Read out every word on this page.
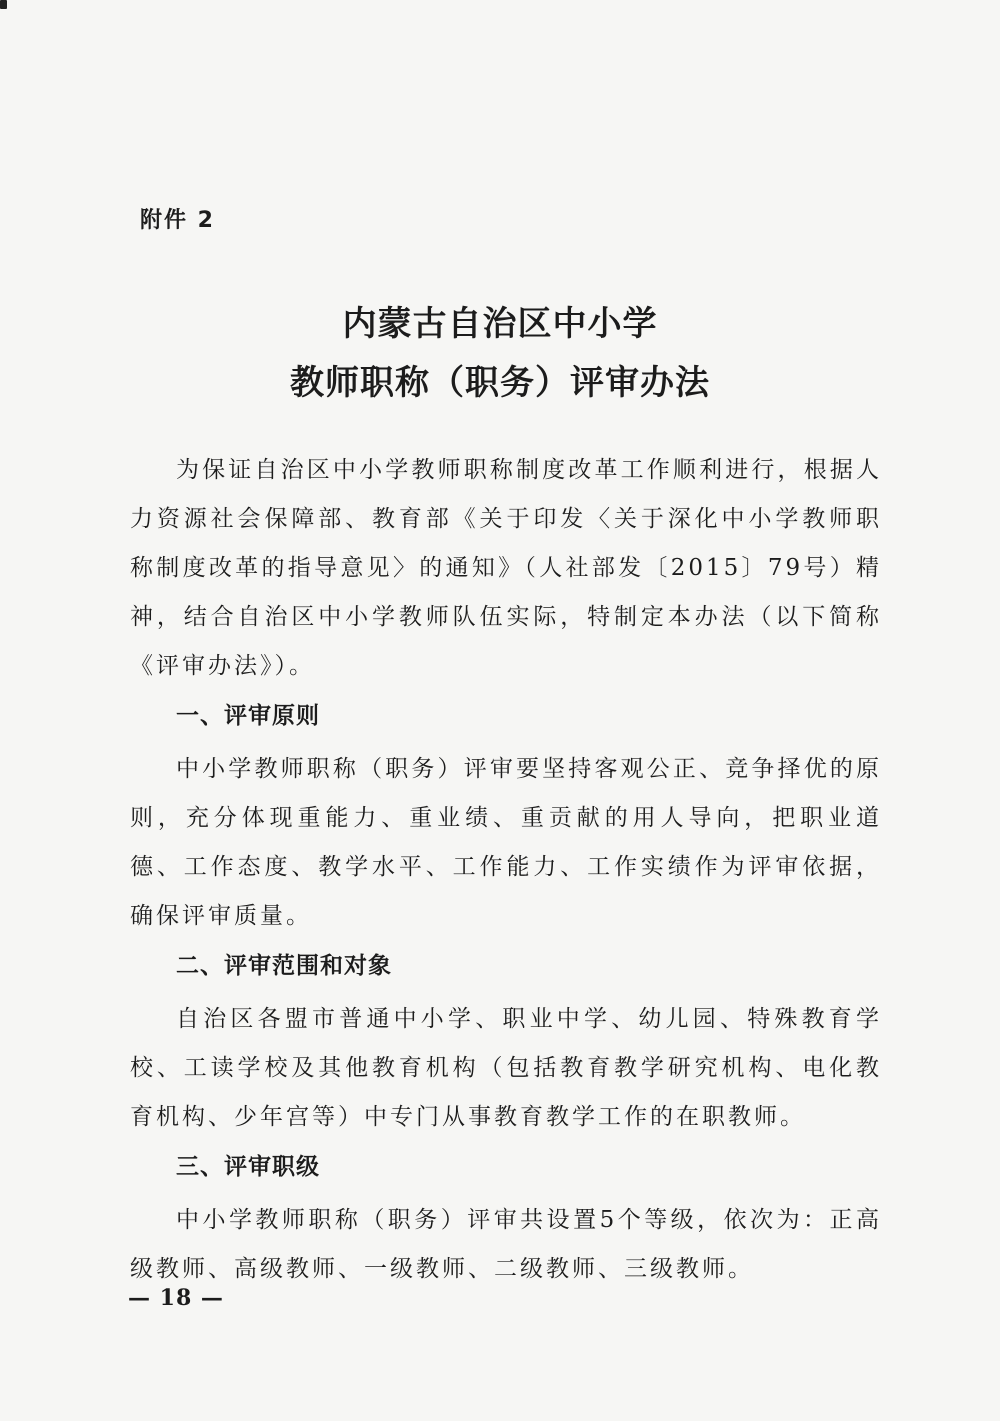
附件 2
内蒙古自治区中小学
教师职称（职务）评审办法

为保证自治区中小学教师职称制度改革工作顺利进行，根据人力资源社会保障部、教育部《关于印发〈关于深化中小学教师职称制度改革的指导意见〉的通知》（人社部发〔2015〕79号）精神，结合自治区中小学教师队伍实际，特制定本办法（以下简称《评审办法》）。

一、评审原则

中小学教师职称（职务）评审要坚持客观公正、竞争择优的原则，充分体现重能力、重业绩、重贡献的用人导向，把职业道德、工作态度、教学水平、工作能力、工作实绩作为评审依据，确保评审质量。

二、评审范围和对象

自治区各盟市普通中小学、职业中学、幼儿园、特殊教育学校、工读学校及其他教育机构（包括教育教学研究机构、电化教育机构、少年宫等）中专门从事教育教学工作的在职教师。

三、评审职级

中小学教师职称（职务）评审共设置5个等级，依次为：正高级教师、高级教师、一级教师、二级教师、三级教师。

— 18 —
